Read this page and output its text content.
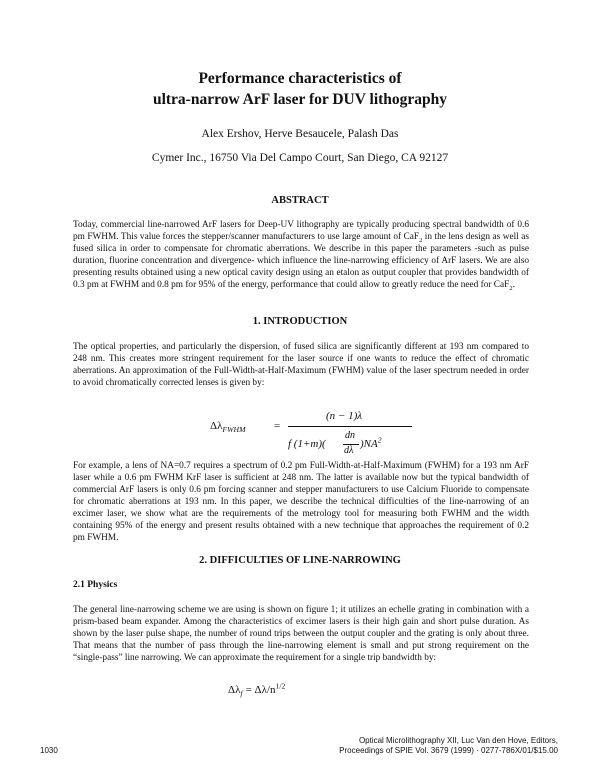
Performance characteristics of
ultra-narrow ArF laser for DUV lithography
Alex Ershov, Herve Besaucele, Palash Das
Cymer Inc., 16750 Via Del Campo Court, San Diego, CA 92127
ABSTRACT
Today, commercial line-narrowed ArF lasers for Deep-UV lithography are typically producing spectral bandwidth of 0.6 pm FWHM. This value forces the stepper/scanner manufacturers to use large amount of CaF$_2$ in the lens design as well as fused silica in order to compensate for chromatic aberrations. We describe in this paper the parameters -such as pulse duration, fluorine concentration and divergence- which influence the line-narrowing efficiency of ArF lasers. We are also presenting results obtained using a new optical cavity design using an etalon as output coupler that provides bandwidth of 0.3 pm at FWHM and 0.8 pm for 95% of the energy, performance that could allow to greatly reduce the need for CaF$_2$.
1. INTRODUCTION
The optical properties, and particularly the dispersion, of fused silica are significantly different at 193 nm compared to 248 nm. This creates more stringent requirement for the laser source if one wants to reduce the effect of chromatic aberrations. An approximation of the Full-Width-at-Half-Maximum (FWHM) value of the laser spectrum needed in order to avoid chromatically corrected lenses is given by:
$\Delta\lambda_{FWHM}$	=
(n − 1)λ
f (1+m)(
dn
dλ
)$NA^2$
For example, a lens of NA=0.7 requires a spectrum of 0.2 pm Full-Width-at-Half-Maximum (FWHM) for a 193 nm ArF laser while a 0.6 pm FWHM KrF laser is sufficient at 248 nm. The latter is available now but the typical bandwidth of commercial ArF lasers is only 0.6 pm forcing scanner and stepper manufacturers to use Calcium Fluoride to compensate for chromatic aberrations at 193 nm. In this paper, we describe the technical difficulties of the line-narrowing of an excimer laser, we show what are the requirements of the metrology tool for measuring both FWHM and the width containing 95% of the energy and present results obtained with a new technique that approaches the requirement of 0.2 pm FWHM.
2. DIFFICULTIES OF LINE-NARROWING
2.1 Physics
The general line-narrowing scheme we are using is shown on figure 1; it utilizes an echelle grating in combination with a prism-based beam expander. Among the characteristics of excimer lasers is their high gain and short pulse duration. As shown by the laser pulse shape, the number of round trips between the output coupler and the grating is only about three. That means that the number of pass through the line-narrowing element is small and put strong requirement on the “single-pass” line narrowing. We can approximate the requirement for a single trip bandwidth by:
$\Delta\lambda_f = \Delta\lambda/n^{1/2}$
1030
Optical Microlithography XII, Luc Van den Hove, Editors,
Proceedings of SPIE Vol. 3679 (1999) · 0277-786X/01/$15.00
